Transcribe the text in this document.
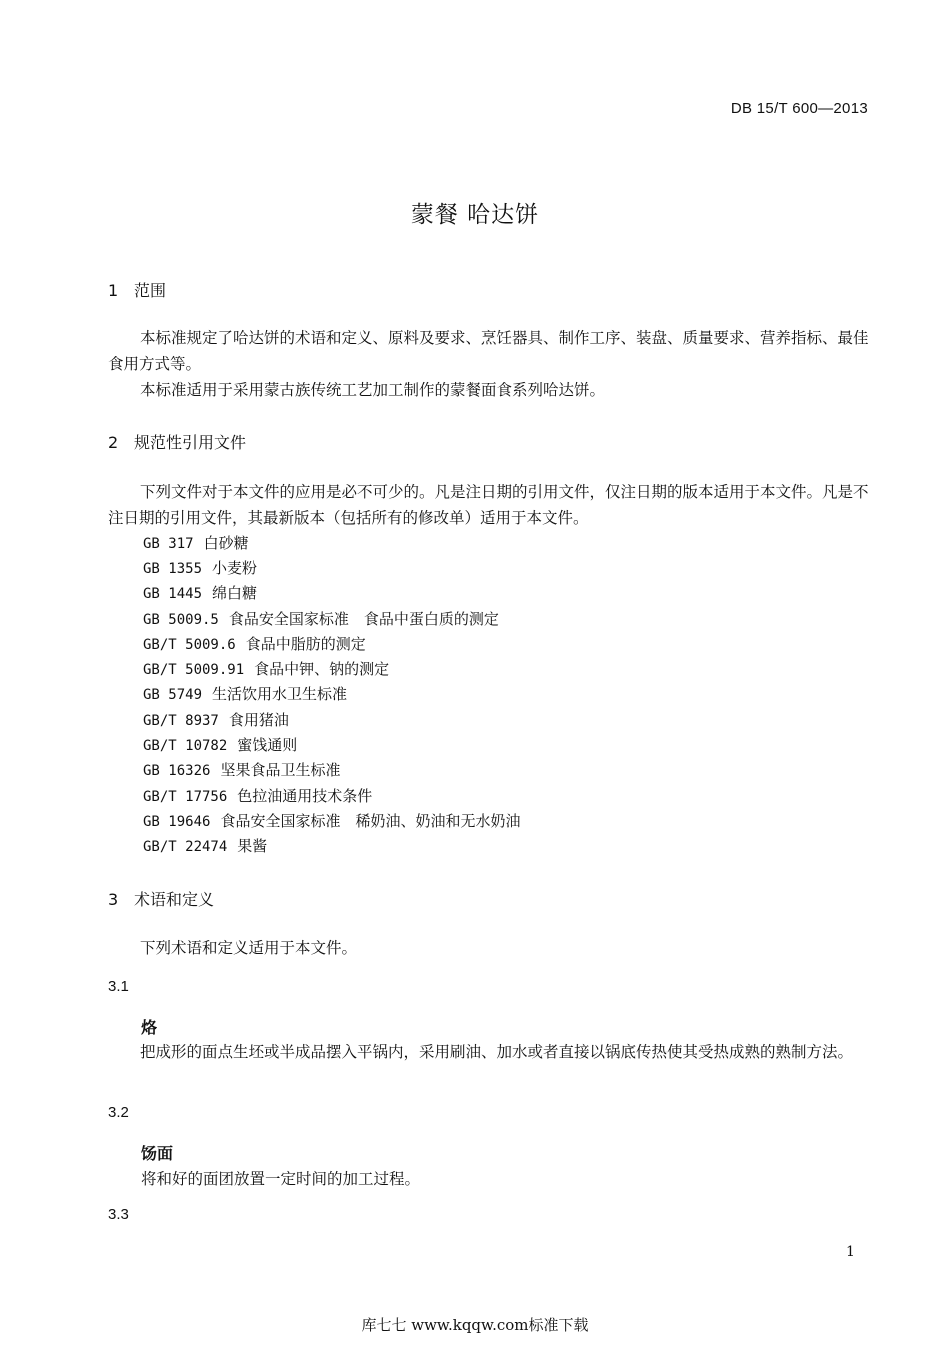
DB 15/T 600—2013
蒙餐 哈达饼
1 范围
本标准规定了哈达饼的术语和定义、原料及要求、烹饪器具、制作工序、装盘、质量要求、营养指标、最佳食用方式等。
本标准适用于采用蒙古族传统工艺加工制作的蒙餐面食系列哈达饼。
2 规范性引用文件
下列文件对于本文件的应用是必不可少的。凡是注日期的引用文件，仅注日期的版本适用于本文件。凡是不注日期的引用文件，其最新版本（包括所有的修改单）适用于本文件。
GB 317 白砂糖
GB 1355 小麦粉
GB 1445 绵白糖
GB 5009.5 食品安全国家标准　食品中蛋白质的测定
GB/T 5009.6 食品中脂肪的测定
GB/T 5009.91 食品中钾、钠的测定
GB 5749 生活饮用水卫生标准
GB/T 8937 食用猪油
GB/T 10782 蜜饯通则
GB 16326 坚果食品卫生标准
GB/T 17756 色拉油通用技术条件
GB 19646 食品安全国家标准　稀奶油、奶油和无水奶油
GB/T 22474 果酱
3 术语和定义
下列术语和定义适用于本文件。
3.1
烙
把成形的面点生坯或半成品摆入平锅内，采用刷油、加水或者直接以锅底传热使其受热成熟的熟制方法。
3.2
饧面
将和好的面团放置一定时间的加工过程。
3.3
1
库七七 www.kqqw.com标准下载
